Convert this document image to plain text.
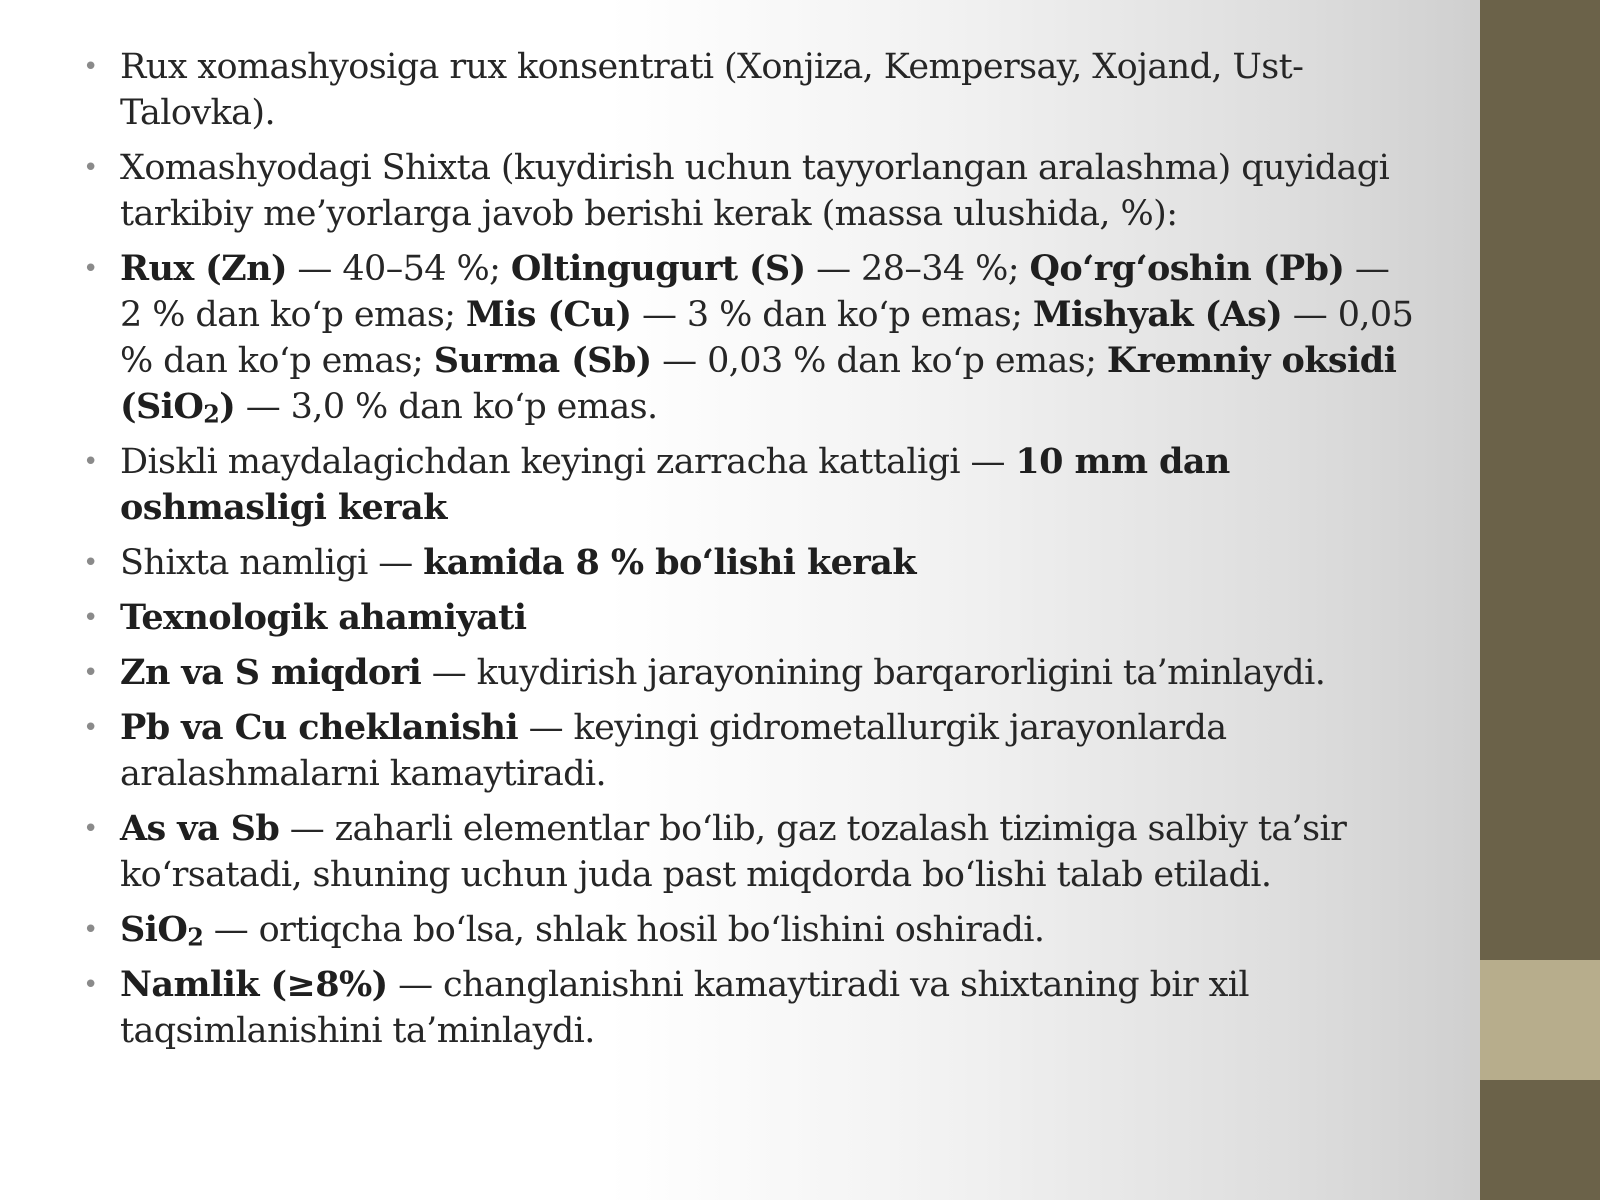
• Rux xomashyosiga rux konsentrati (Xonjiza, Kempersay, Xojand, Ust-Talovka).
• Xomashyodagi Shixta (kuydirish uchun tayyorlangan aralashma) quyidagi tarkibiy me’yorlarga javob berishi kerak (massa ulushida, %):
• Rux (Zn) — 40–54 %; Oltingugurt (S) — 28–34 %; Qo‘rg‘oshin (Pb) — 2 % dan ko‘p emas; Mis (Cu) — 3 % dan ko‘p emas; Mishyak (As) — 0,05 % dan ko‘p emas; Surma (Sb) — 0,03 % dan ko‘p emas; Kremniy oksidi (SiO$_2$) — 3,0 % dan ko‘p emas.
• Diskli maydalagichdan keyingi zarracha kattaligi — 10 mm dan oshmasligi kerak
• Shixta namligi — kamida 8 % bo‘lishi kerak
• Texnologik ahamiyati
• Zn va S miqdori — kuydirish jarayonining barqarorligini ta’minlaydi.
• Pb va Cu cheklanishi — keyingi gidrometallurgik jarayonlarda aralashmalarni kamaytiradi.
• As va Sb — zaharli elementlar bo‘lib, gaz tozalash tizimiga salbiy ta’sir ko‘rsatadi, shuning uchun juda past miqdorda bo‘lishi talab etiladi.
• SiO$_2$ — ortiqcha bo‘lsa, shlak hosil bo‘lishini oshiradi.
• Namlik (≥8%) — changlanishni kamaytiradi va shixtaning bir xil taqsimlanishini ta’minlaydi.
